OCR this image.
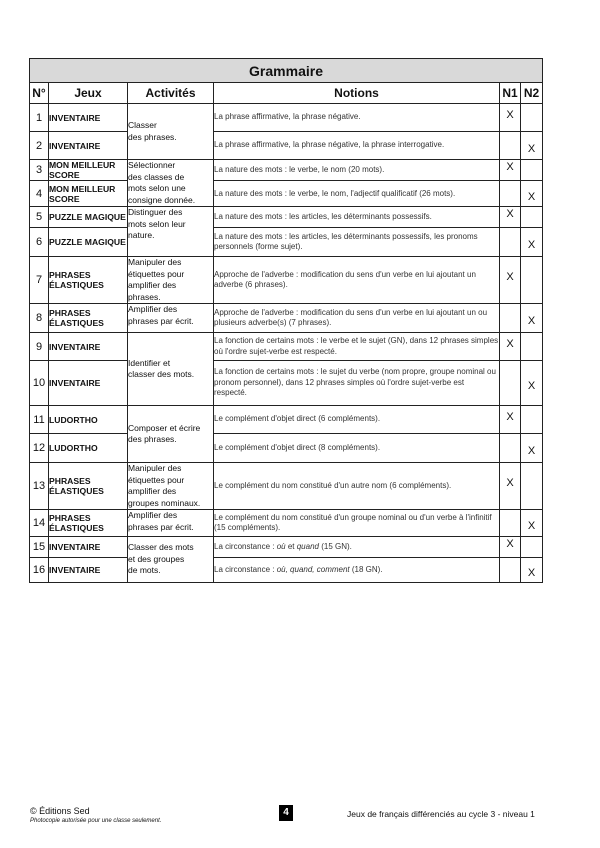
Grammaire					
N°	Jeux	Activités	Notions	N1	N2
1	INVENTAIRE	Classer
des phrases.	La phrase affirmative, la phrase négative.	X	
2	INVENTAIRE		La phrase affirmative, la phrase négative, la phrase interrogative.		X
3	MON MEILLEUR SCORE	Sélectionner
des classes de
mots selon une
consigne donnée.	La nature des mots : le verbe, le nom (20 mots).	X	
4	MON MEILLEUR SCORE		La nature des mots : le verbe, le nom, l'adjectif qualificatif (26 mots).		X
5	PUZZLE MAGIQUE	Distinguer des
mots selon leur
nature.	La nature des mots : les articles, les déterminants possessifs.	X	
6	PUZZLE MAGIQUE		La nature des mots : les articles, les déterminants possessifs, les pronoms personnels (forme sujet).		X
7	PHRASES ÉLASTIQUES	Manipuler des
étiquettes pour
amplifier des
phrases.	Approche de l'adverbe : modification du sens d'un verbe en lui ajoutant un adverbe (6 phrases).	X	
8	PHRASES ÉLASTIQUES	Amplifier des
phrases par écrit.	Approche de l'adverbe : modification du sens d'un verbe en lui ajoutant un ou plusieurs adverbe(s) (7 phrases).		X
9	INVENTAIRE	Identifier et
classer des mots.	La fonction de certains mots : le verbe et le sujet (GN), dans 12 phrases simples où l'ordre sujet-verbe est respecté.	X	
10	INVENTAIRE		La fonction de certains mots : le sujet du verbe (nom propre, groupe nominal ou pronom personnel), dans 12 phrases simples où l'ordre sujet-verbe est respecté.		X
11	LUDORTHO	Composer et écrire
des phrases.	Le complément d'objet direct (6 compléments).	X	
12	LUDORTHO		Le complément d'objet direct (8 compléments).		X
13	PHRASES ÉLASTIQUES	Manipuler des
étiquettes pour
amplifier des
groupes nominaux.	Le complément du nom constitué d'un autre nom (6 compléments).	X	
14	PHRASES ÉLASTIQUES	Amplifier des
phrases par écrit.	Le complément du nom constitué d'un groupe nominal ou d'un verbe à l'infinitif (15 compléments).		X
15	INVENTAIRE	Classer des mots
et des groupes
de mots.	La circonstance : où et quand (15 GN).	X	
16	INVENTAIRE		La circonstance : où, quand, comment (18 GN).		X
© Éditions Sed
Photocopie autorisée pour une classe seulement.
4	Jeux de français différenciés au cycle 3 - niveau 1
